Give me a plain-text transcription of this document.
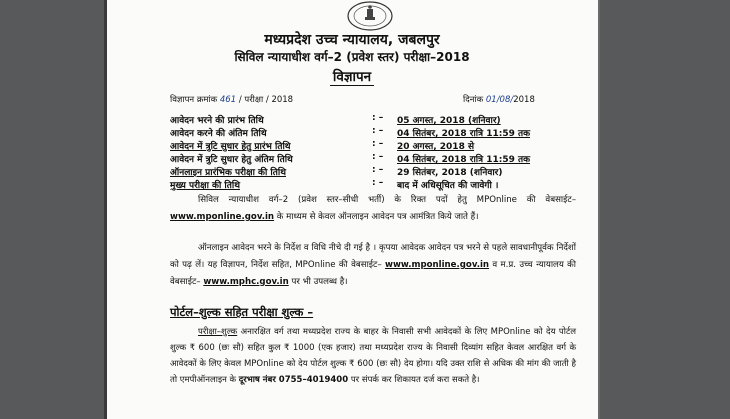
मध्यप्रदेश उच्च न्यायालय, जबलपुर
सिविल न्यायाधीश वर्ग–2 (प्रवेश स्तर) परीक्षा–2018
विज्ञापन
विज्ञापन क्रमांक 461 / परीक्षा / 2018	दिनांक 01/08/2018
आवेदन भरने की प्रारंभ तिथि	: – 05 अगस्त, 2018 (शनिवार)
आवेदन करने की अंतिम तिथि	: – 04 सितंबर, 2018 रात्रि 11:59 तक
आवेदन में त्रुटि सुधार हेतु प्रारंभ तिथि	: – 20 अगस्त, 2018 से
आवेदन में त्रुटि सुधार हेतु अंतिम तिथि	: – 04 सितंबर, 2018 रात्रि 11:59 तक
ऑनलाइन प्रारंभिक परीक्षा की तिथि	: – 29 सितंबर, 2018 (शनिवार)
मुख्य परीक्षा की तिथि	: – बाद में अधिसूचित की जावेगी ।
सिविल न्यायाधीश वर्ग–2 (प्रवेश स्तर–सीधी भर्ती) के रिक्त पदों हेतु MPOnline की वेबसाईट– www.mponline.gov.in के माध्यम से केवल ऑनलाइन आवेदन पत्र आमंत्रित किये जाते हैं।
ऑनलाइन आवेदन भरने के निर्देश व विधि नीचे दी गई है । कृपया आवेदक आवेदन पत्र भरने से पहले सावधानीपूर्वक निर्देशों को पढ़ लें। यह विज्ञापन, निर्देश सहित, MPOnline की वेबसाईट– www.mponline.gov.in व म.प्र. उच्च न्यायालय की वेबसाईट– www.mphc.gov.in पर भी उपलब्ध है।
पोर्टल–शुल्क सहित परीक्षा शुल्क –
परीक्षा–शुल्क अनारक्षित वर्ग तथा मध्यप्रदेश राज्य के बाहर के निवासी सभी आवेदकों के लिए MPOnline को देय पोर्टल शुल्क ₹ 600 (छः सौ) सहित कुल ₹ 1000 (एक हजार) तथा मध्यप्रदेश राज्य के निवासी दिव्यांग सहित केवल आरक्षित वर्ग के आवेदकों के लिए केवल MPOnline को देय पोर्टल शुल्क ₹ 600 (छः सौ) देय होगा। यदि उक्त राशि से अधिक की मांग की जाती है तो एमपीऑनलाइन के दूरभाष नंबर 0755–4019400 पर संपर्क कर शिकायत दर्ज करा सकते है।
